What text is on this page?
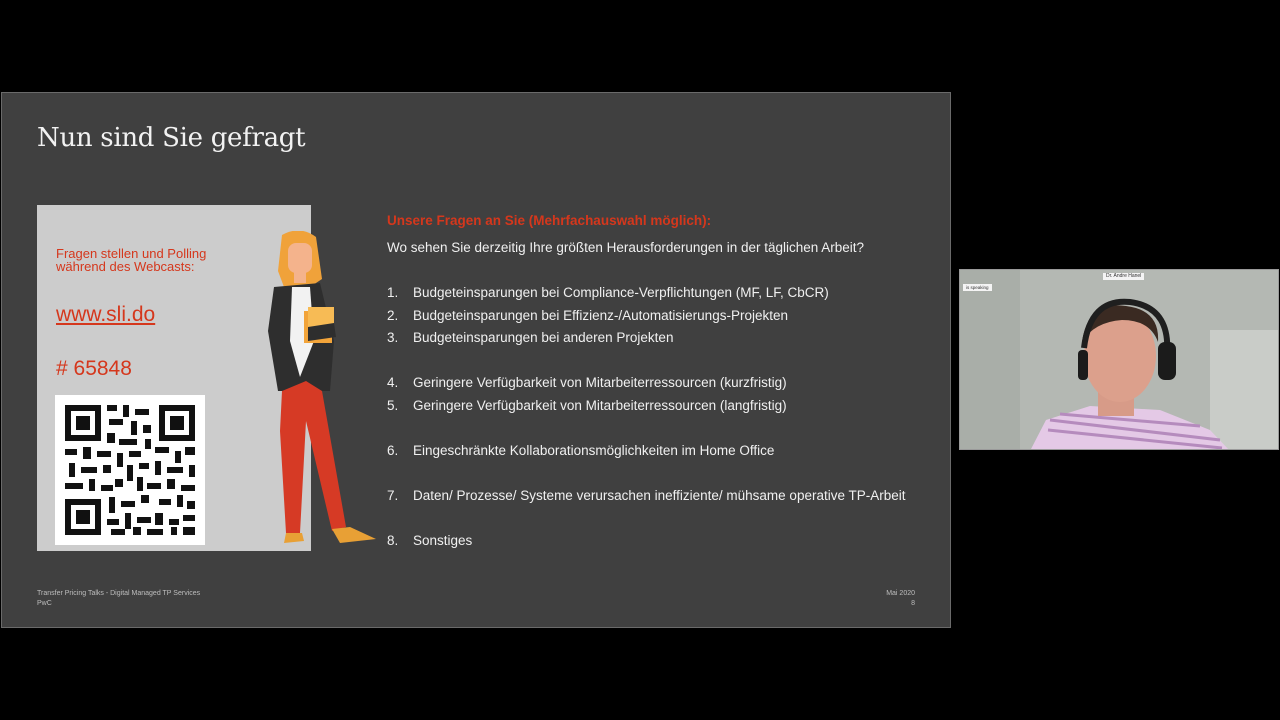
Nun sind Sie gefragt
Fragen stellen und Polling während des Webcasts:
www.sli.do
# 65848
Unsere Fragen an Sie (Mehrfachauswahl möglich):
Wo sehen Sie derzeitig Ihre größten Herausforderungen in der täglichen Arbeit?
1. Budgeteinsparungen bei Compliance-Verpflichtungen (MF, LF, CbCR)
2. Budgeteinsparungen bei Effizienz-/Automatisierungs-Projekten
3. Budgeteinsparungen bei anderen Projekten
4. Geringere Verfügbarkeit von Mitarbeiterressourcen (kurzfristig)
5. Geringere Verfügbarkeit von Mitarbeiterressourcen (langfristig)
6. Eingeschränkte Kollaborationsmöglichkeiten im Home Office
7. Daten/ Prozesse/ Systeme verursachen ineffiziente/ mühsame operative TP-Arbeit
8. Sonstiges
Transfer Pricing Talks - Digital Managed TP Services
PwC
Mai 2020
8
Dr. Andre Hanel
is speaking
